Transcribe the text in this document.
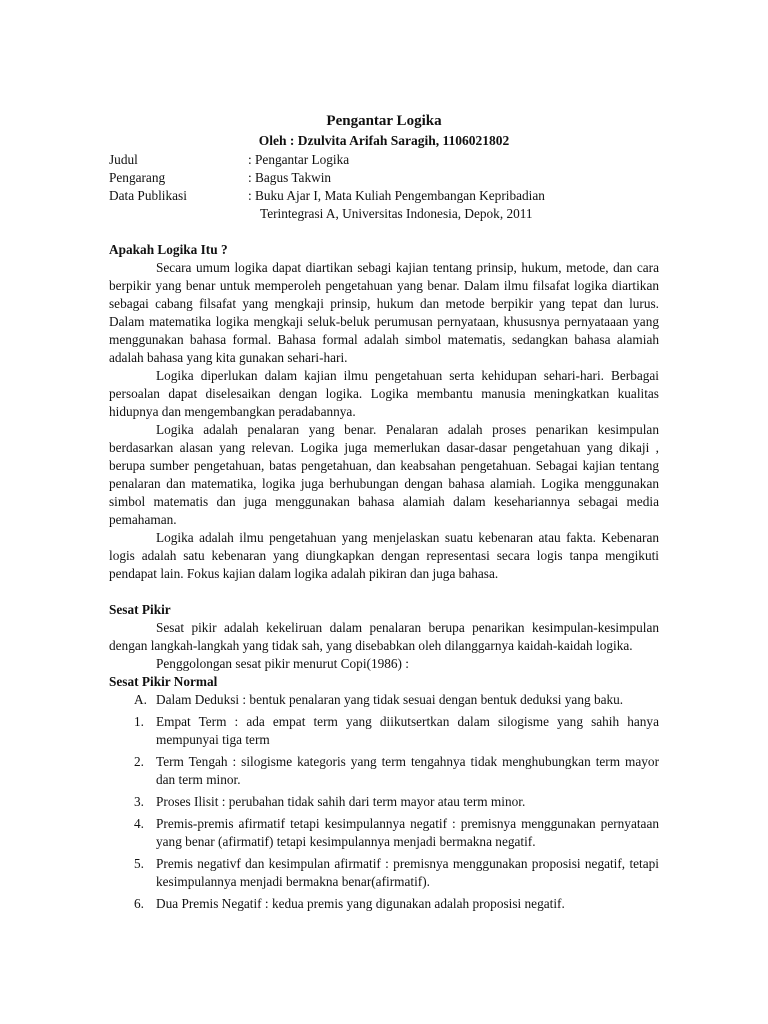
Pengantar Logika
Oleh : Dzulvita Arifah Saragih, 1106021802
Judul	: Pengantar Logika
Pengarang	: Bagus Takwin
Data Publikasi	: Buku Ajar I, Mata Kuliah Pengembangan Kepribadian
Terintegrasi A, Universitas Indonesia, Depok, 2011
Apakah Logika Itu ?

Secara umum logika dapat diartikan sebagi kajian tentang prinsip, hukum, metode, dan cara berpikir yang benar untuk memperoleh pengetahuan yang benar. Dalam ilmu filsafat logika diartikan sebagai cabang filsafat yang mengkaji prinsip, hukum dan metode berpikir yang tepat dan lurus. Dalam matematika logika mengkaji seluk-beluk perumusan pernyataan, khususnya pernyataaan yang menggunakan bahasa formal. Bahasa formal adalah simbol matematis, sedangkan bahasa alamiah adalah bahasa yang kita gunakan sehari-hari.

Logika diperlukan dalam kajian ilmu pengetahuan serta kehidupan sehari-hari. Berbagai persoalan dapat diselesaikan dengan logika. Logika membantu manusia meningkatkan kualitas hidupnya dan mengembangkan peradabannya.

Logika adalah penalaran yang benar. Penalaran adalah proses penarikan kesimpulan berdasarkan alasan yang relevan. Logika juga memerlukan dasar-dasar pengetahuan yang dikaji , berupa sumber pengetahuan, batas pengetahuan, dan keabsahan pengetahuan. Sebagai kajian tentang penalaran dan matematika, logika juga berhubungan dengan bahasa alamiah. Logika menggunakan simbol matematis dan juga menggunakan bahasa alamiah dalam kesehariannya sebagai media pemahaman.

Logika adalah ilmu pengetahuan yang menjelaskan suatu kebenaran atau fakta. Kebenaran logis adalah satu kebenaran yang diungkapkan dengan representasi secara logis tanpa mengikuti pendapat lain. Fokus kajian dalam logika adalah pikiran dan juga bahasa.

Sesat Pikir

Sesat pikir adalah kekeliruan dalam penalaran berupa penarikan kesimpulan-kesimpulan dengan langkah-langkah yang tidak sah, yang disebabkan oleh dilanggarnya kaidah-kaidah logika.

Penggolongan sesat pikir menurut Copi(1986) :

Sesat Pikir Normal
A. Dalam Deduksi : bentuk penalaran yang tidak sesuai dengan bentuk deduksi yang baku.
1. Empat Term : ada empat term yang diikutsertkan dalam silogisme yang sahih hanya mempunyai tiga term
2. Term Tengah : silogisme kategoris yang term tengahnya tidak menghubungkan term mayor dan term minor.
3. Proses Ilisit : perubahan tidak sahih dari term mayor atau term minor.
4. Premis-premis afirmatif tetapi kesimpulannya negatif : premisnya menggunakan pernyataan yang benar (afirmatif) tetapi kesimpulannya menjadi bermakna negatif.
5. Premis negativf dan kesimpulan afirmatif : premisnya menggunakan proposisi negatif, tetapi kesimpulannya menjadi bermakna benar(afirmatif).
6. Dua Premis Negatif : kedua premis yang digunakan adalah proposisi negatif.
